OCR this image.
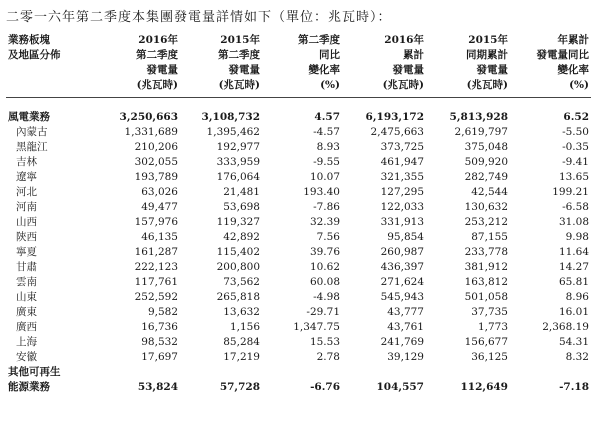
二零一六年第二季度本集團發電量詳情如下（單位：兆瓦時）：
業務板塊
及地區分佈	2016年
第二季度
發電量
(兆瓦時)	2015年
第二季度
發電量
(兆瓦時)	第二季度
同比
變化率
(%)	2016年
累計
發電量
(兆瓦時)	2015年
同期累計
發電量
(兆瓦時)	年累計
發電量同比
變化率
(%)

風電業務	3,250,663	3,108,732	4.57	6,193,172	5,813,928	6.52
內蒙古	1,331,689	1,395,462	-4.57	2,475,663	2,619,797	-5.50
黑龍江	210,206	192,977	8.93	373,725	375,048	-0.35
吉林	302,055	333,959	-9.55	461,947	509,920	-9.41
遼寧	193,789	176,064	10.07	321,355	282,749	13.65
河北	63,026	21,481	193.40	127,295	42,544	199.21
河南	49,477	53,698	-7.86	122,033	130,632	-6.58
山西	157,976	119,327	32.39	331,913	253,212	31.08
陝西	46,135	42,892	7.56	95,854	87,155	9.98
寧夏	161,287	115,402	39.76	260,987	233,778	11.64
甘肅	222,123	200,800	10.62	436,397	381,912	14.27
雲南	117,761	73,562	60.08	271,624	163,812	65.81
山東	252,592	265,818	-4.98	545,943	501,058	8.96
廣東	9,582	13,632	-29.71	43,777	37,735	16.01
廣西	16,736	1,156	1,347.75	43,761	1,773	2,368.19
上海	98,532	85,284	15.53	241,769	156,677	54.31
安徽	17,697	17,219	2.78	39,129	36,125	8.32
其他可再生						
能源業務	53,824	57,728	-6.76	104,557	112,649	-7.18
